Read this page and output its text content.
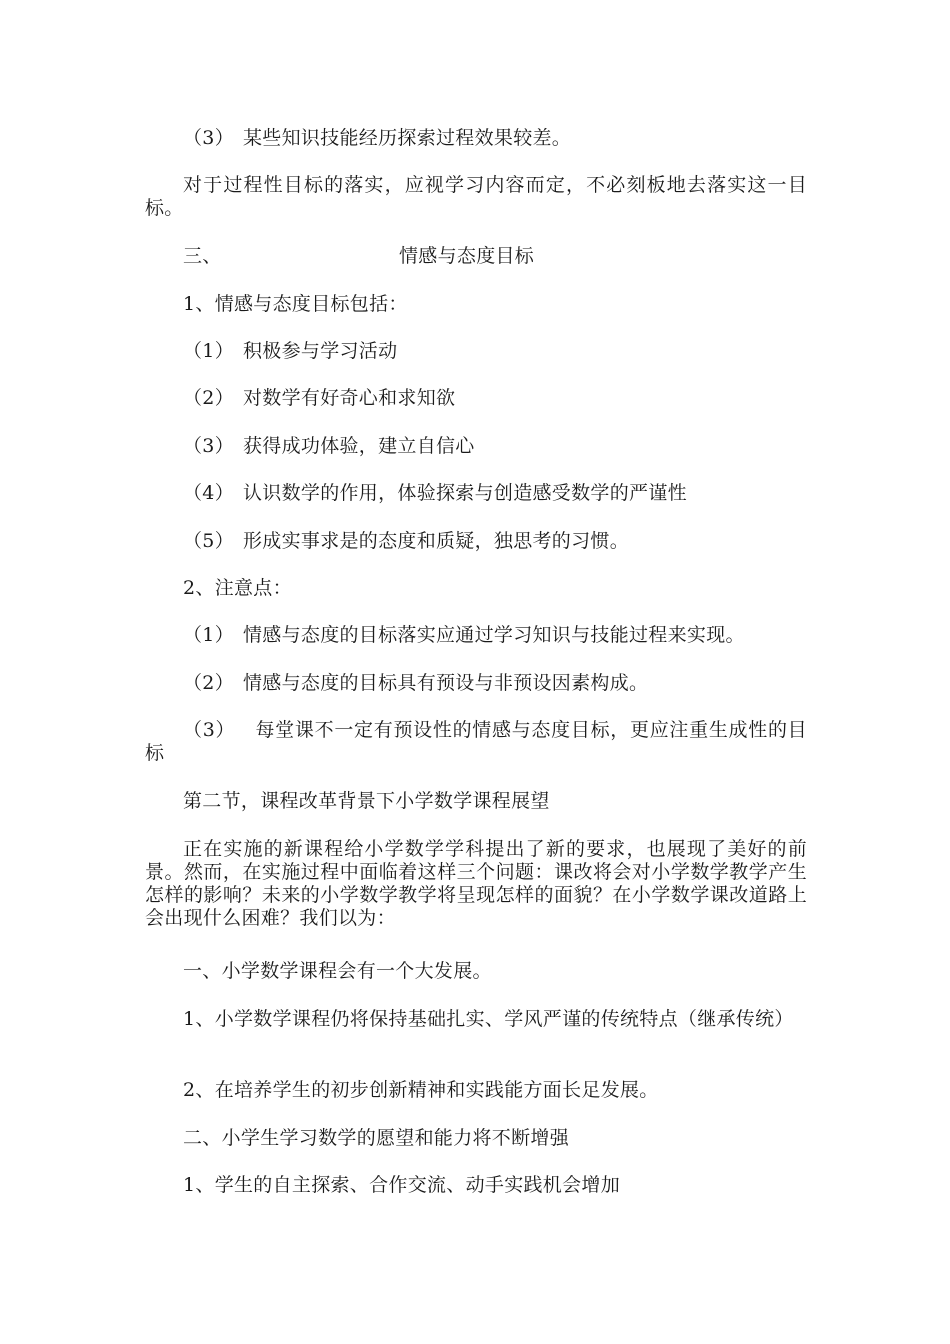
（3） 某些知识技能经历探索过程效果较差。
对于过程性目标的落实，应视学习内容而定，不必刻板地去落实这一目标。
三、	情感与态度目标
1、情感与态度目标包括：
（1） 积极参与学习活动
（2） 对数学有好奇心和求知欲
（3） 获得成功体验，建立自信心
（4） 认识数学的作用，体验探索与创造感受数学的严谨性
（5） 形成实事求是的态度和质疑，独思考的习惯。
2、注意点：
（1） 情感与态度的目标落实应通过学习知识与技能过程来实现。
（2） 情感与态度的目标具有预设与非预设因素构成。
（3）   每堂课不一定有预设性的情感与态度目标，更应注重生成性的目标
第二节，课程改革背景下小学数学课程展望
正在实施的新课程给小学数学学科提出了新的要求，也展现了美好的前景。然而，在实施过程中面临着这样三个问题：课改将会对小学数学教学产生怎样的影响？未来的小学数学教学将呈现怎样的面貌？在小学数学课改道路上会出现什么困难？我们以为：
一、小学数学课程会有一个大发展。
1、小学数学课程仍将保持基础扎实、学风严谨的传统特点（继承传统）
2、在培养学生的初步创新精神和实践能方面长足发展。
二、小学生学习数学的愿望和能力将不断增强
1、学生的自主探索、合作交流、动手实践机会增加
